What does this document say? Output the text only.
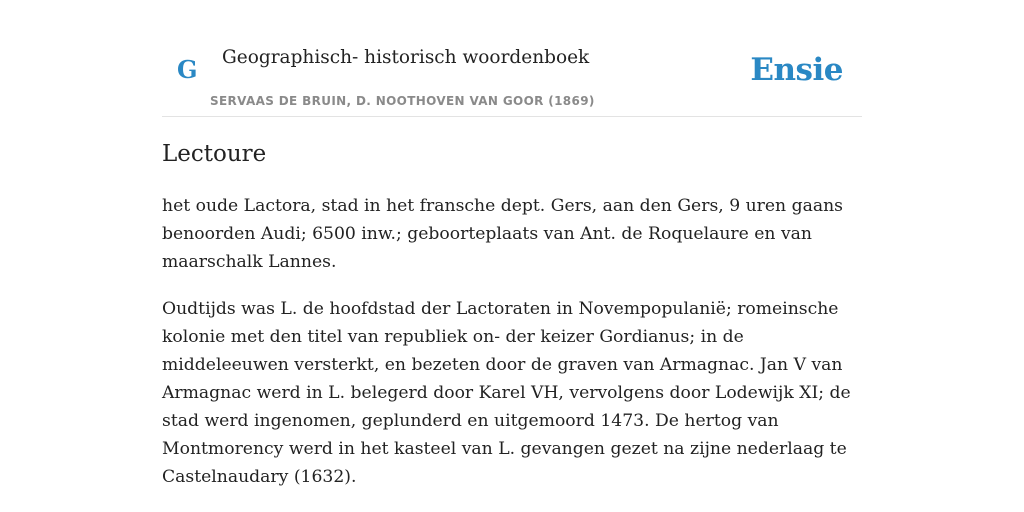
G Geographisch- historisch woordenboek
SERVAAS DE BRUIN, D. NOOTHOVEN VAN GOOR (1869)
Ensie
Lectoure

het oude Lactora, stad in het fransche dept. Gers, aan den Gers, 9 uren gaans benoorden Audi; 6500 inw.; geboorteplaats van Ant. de Roquelaure en van maarschalk Lannes.

Oudtijds was L. de hoofdstad der Lactoraten in Novempopulanië; romeinsche kolonie met den titel van republiek on- der keizer Gordianus; in de middeleeuwen versterkt, en bezeten door de graven van Armagnac. Jan V van Armagnac werd in L. belegerd door Karel VH, vervolgens door Lodewijk XI; de stad werd ingenomen, geplunderd en uitgemoord 1473. De hertog van Montmorency werd in het kasteel van L. gevangen gezet na zijne nederlaag te Castelnaudary (1632).
